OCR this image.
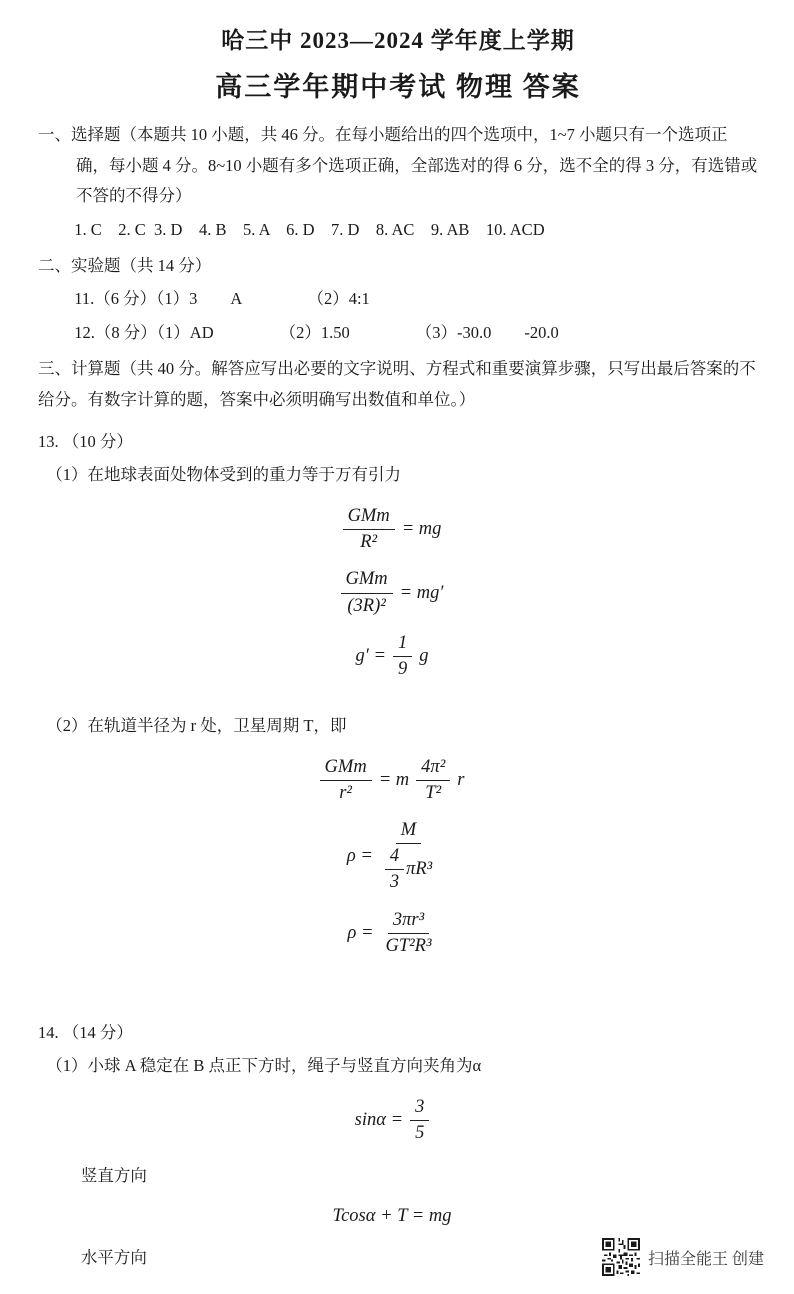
哈三中 2023—2024 学年度上学期
高三学年期中考试 物理 答案
一、选择题（本题共 10 小题，共 46 分。在每小题给出的四个选项中，1~7 小题只有一个选项正确，每小题 4 分。8~10 小题有多个选项正确，全部选对的得 6 分，选不全的得 3 分，有选错或不答的不得分）
1. C    2. C  3. D    4. B    5. A    6. D    7. D    8. AC    9. AB    10. ACD
二、实验题（共 14 分）
11.（6 分）（1）3        A                （2）4:1
12.（8 分）（1）AD                （2）1.50                （3）-30.0        -20.0
三、计算题（共 40 分。解答应写出必要的文字说明、方程式和重要演算步骤，只写出最后答案的不给分。有数字计算的题，答案中必须明确写出数值和单位。）
13. （10 分）
（1）在地球表面处物体受到的重力等于万有引力
$\frac{\text{GMm}}{\text{R²}}$ = mg
$\frac{\text{GMm}}{\text{(3R)²}} = mg'$
$g' = \frac{1}{9}$ g
（2）在轨道半径为 r 处，卫星周期 T，即
$\frac{\text{GMm}}{\text{r²}} = m \frac{\text{4π²}}{\text{T²}}$ r
$\rho = \frac{M}{\frac{4}{3} \pi R^3}$
$\rho = \frac{\text{3πr³}}{\text{GT²R³}}$
14. （14 分）
（1）小球 A 稳定在 B 点正下方时，绳子与竖直方向夹角为α
$\sin\alpha = \frac{3}{5}$
竖直方向
Tcosα + T = mg
水平方向	扫描全能王 创建
